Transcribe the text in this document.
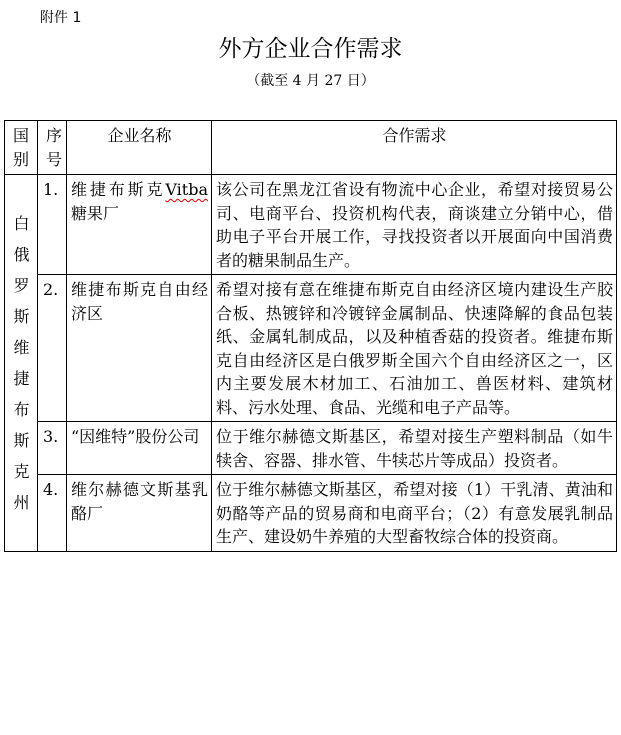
附件 1
外方企业合作需求
（截至 4 月 27 日）
国别	序号	企业名称	合作需求

白俄罗斯维捷布斯克州	1.	维捷布斯克Vitba 糖果厂	该公司在黑龙江省设有物流中心企业，希望对接贸易公司、电商平台、投资机构代表，商谈建立分销中心，借助电子平台开展工作，寻找投资者以开展面向中国消费者的糖果制品生产。
	2.	维捷布斯克自由经济区	希望对接有意在维捷布斯克自由经济区境内建设生产胶合板、热镀锌和冷镀锌金属制品、快速降解的食品包装纸、金属轧制成品，以及种植香菇的投资者。维捷布斯克自由经济区是白俄罗斯全国六个自由经济区之一，区内主要发展木材加工、石油加工、兽医材料、建筑材料、污水处理、食品、光缆和电子产品等。
	3.	“因维特”股份公司	位于维尔赫德文斯基区，希望对接生产塑料制品（如牛犊舍、容器、排水管、牛犊芯片等成品）投资者。
	4.	维尔赫德文斯基乳酪厂	位于维尔赫德文斯基区，希望对接（1）干乳清、黄油和奶酪等产品的贸易商和电商平台；（2）有意发展乳制品生产、建设奶牛养殖的大型畜牧综合体的投资商。
